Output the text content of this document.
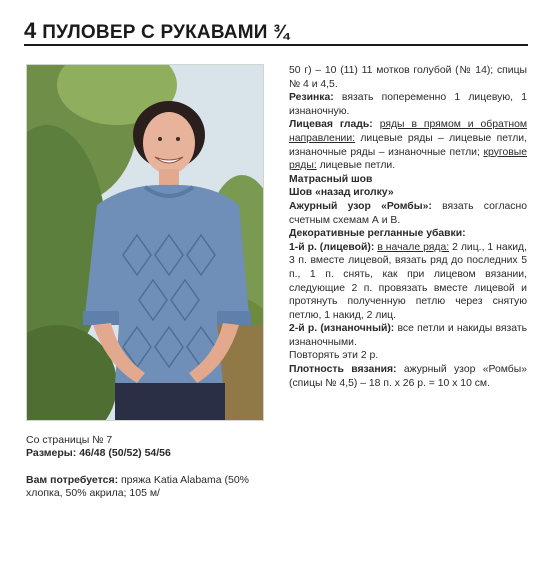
4 ПУЛОВЕР С РУКАВАМИ ¾

Со страницы № 7

Размеры: 46/48 (50/52) 54/56

Вам потребуется: пряжа Katia Alabama (50% хлопка, 50% акрила; 105 м/

50 г) – 10 (11) 11 мотков голубой (№ 14); спицы № 4 и 4,5.

Резинка: вязать попеременно 1 лицевую, 1 изнаночную.

Лицевая гладь: ряды в прямом и обратном направлении: лицевые ряды – лицевые петли, изнаночные ряды – изнаночные петли; круговые ряды: лицевые петли.

Матрасный шов

Шов «назад иголку»

Ажурный узор «Ромбы»: вязать согласно счетным схемам А и В.

Декоративные регланные убавки:

1-й р. (лицевой): в начале ряда: 2 лиц., 1 накид, 3 п. вместе лицевой, вязать ряд до последних 5 п., 1 п. снять, как при лицевом вязании, следующие 2 п. провязать вместе лицевой и протянуть полученную петлю через снятую петлю, 1 накид, 2 лиц.

2-й р. (изнаночный): все петли и накиды вязать изнаночными.

Повторять эти 2 р.

Плотность вязания: ажурный узор «Ромбы» (спицы № 4,5) – 18 п. x 26 р. = 10 x 10 см.
